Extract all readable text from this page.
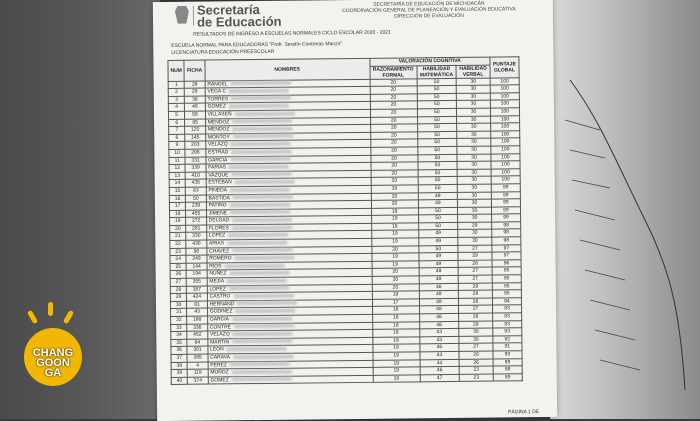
Secretaría
de Educación
SECRETARÍA DE EDUCACIÓN DE MICHOACÁN
COORDINACIÓN GENERAL DE PLANEACIÓN Y EVALUACIÓN EDUCATIVA
DIRECCIÓN DE EVALUACIÓN
RESULTADOS DE INGRESO A ESCUELAS NORMALES CICLO ESCOLAR 2020 - 2021
ESCUELA NORMAL PARA EDUCADORAS "Profr. Serafín Contreras Manzo"
LICENCIATURA EDUCACIÓN PREESCOLAR
NUM	FICHA	NOMBRES	VALORACIÓN COGNITIVA			PUNTAJE GLOBAL
			RAZONAMIENTO FORMAL	HABILIDAD MATEMÁTICA	HABILIDAD VERBAL	
1	28	RANGEL	20	50	30	100
2	29	VEGA C	20	50	30	100
3	36	TORRES	20	50	30	100
4	46	GOMEZ	20	50	30	100
5	58	VILLASEÑ	20	50	30	100
6	85	MENDOZ	20	50	30	100
7	120	MENDOZ	20	50	30	100
8	145	MONTOY	20	50	30	100
9	203	VELAZQ	20	50	30	100
10	296	ESTRAD	20	50	30	100
11	331	GARCIA	20	50	30	100
12	339	FARIAS	20	50	30	100
13	410	VAZQUE	20	50	30	100
14	435	ESTEBAN	20	50	30	100
15	83	PINEDA	19	50	30	99
16	50	BASTIDA	20	49	30	99
17	239	PATIÑO	20	49	30	99
18	455	JIMENE	19	50	30	99
19	272	DELGAD	19	50	30	99
20	281	FLORES	19	50	29	98
21	330	LOPEZ	19	49	30	98
22	430	ARIAS	19	49	30	98
23	90	CHAVEZ	20	50	27	97
24	249	ROMERO	19	49	29	97
25	144	RIOS	19	49	28	96
26	194	NUÑEZ	20	48	27	95
27	355	MEJIA	20	48	27	95
28	357	LOPEZ	20	46	29	95
29	424	CASTRO	19	48	28	95
30	81	HERNAND	17	49	28	94
31	43	GODINEZ	18	48	27	93
32	188	GARCIA	18	46	29	93
33	336	CONTRE	18	46	29	93
34	452	VELAZQ	18	43	30	93
35	64	MARTIN	18	43	30	92
36	301	LEON	18	46	27	91
37	385	CARAVA	19	43	28	90
38	4	PEREZ	19	44	26	89
39	119	MUÑOZ	19	46	23	88
40	374	GOMEZ	19	47	23	89
PÁGINA 1 DE
CHANG
GOON
GA
